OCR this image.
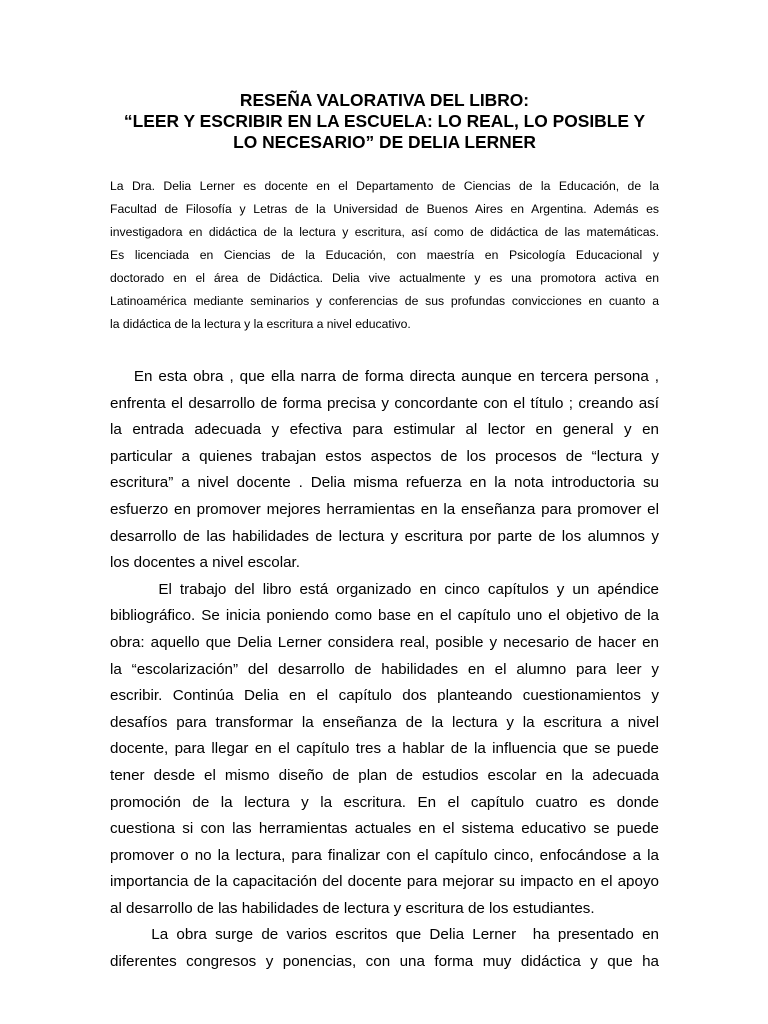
RESEÑA VALORATIVA DEL LIBRO:
“LEER Y ESCRIBIR EN LA ESCUELA: LO REAL, LO POSIBLE Y
LO NECESARIO” DE DELIA LERNER

La Dra. Delia Lerner es docente en el Departamento de Ciencias de la Educación, de la
Facultad de Filosofía y Letras de la Universidad de Buenos Aires en Argentina. Además es
investigadora en didáctica de la lectura y escritura, así como de didáctica de las matemáticas.
Es licenciada en Ciencias de la Educación, con maestría en Psicología Educacional y
doctorado en el área de Didáctica. Delia vive actualmente y es una promotora activa en
Latinoamérica mediante seminarios y conferencias de sus profundas convicciones en cuanto a
la didáctica de la lectura y la escritura a nivel educativo.

En esta obra , que ella narra de forma directa aunque en tercera persona ,
enfrenta el desarrollo de forma precisa y concordante con el título ; creando así
la entrada adecuada y efectiva para estimular al lector en general y en
particular a quienes trabajan estos aspectos de los procesos de “lectura y
escritura” a nivel docente . Delia misma refuerza en la nota introductoria su
esfuerzo en promover mejores herramientas en la enseñanza para promover el
desarrollo de las habilidades de lectura y escritura por parte de los alumnos y
los docentes a nivel escolar.

El trabajo del libro está organizado en cinco capítulos y un apéndice
bibliográfico. Se inicia poniendo como base en el capítulo uno el objetivo de la
obra: aquello que Delia Lerner considera real, posible y necesario de hacer en
la “escolarización” del desarrollo de habilidades en el alumno para leer y
escribir. Continúa Delia en el capítulo dos planteando cuestionamientos y
desafíos para transformar la enseñanza de la lectura y la escritura a nivel
docente, para llegar en el capítulo tres a hablar de la influencia que se puede
tener desde el mismo diseño de plan de estudios escolar en la adecuada
promoción de la lectura y la escritura. En el capítulo cuatro es donde
cuestiona si con las herramientas actuales en el sistema educativo se puede
promover o no la lectura, para finalizar con el capítulo cinco, enfocándose a la
importancia de la capacitación del docente para mejorar su impacto en el apoyo
al desarrollo de las habilidades de lectura y escritura de los estudiantes.

La obra surge de varios escritos que Delia Lerner  ha presentado en
diferentes congresos y ponencias, con una forma muy didáctica y que ha
